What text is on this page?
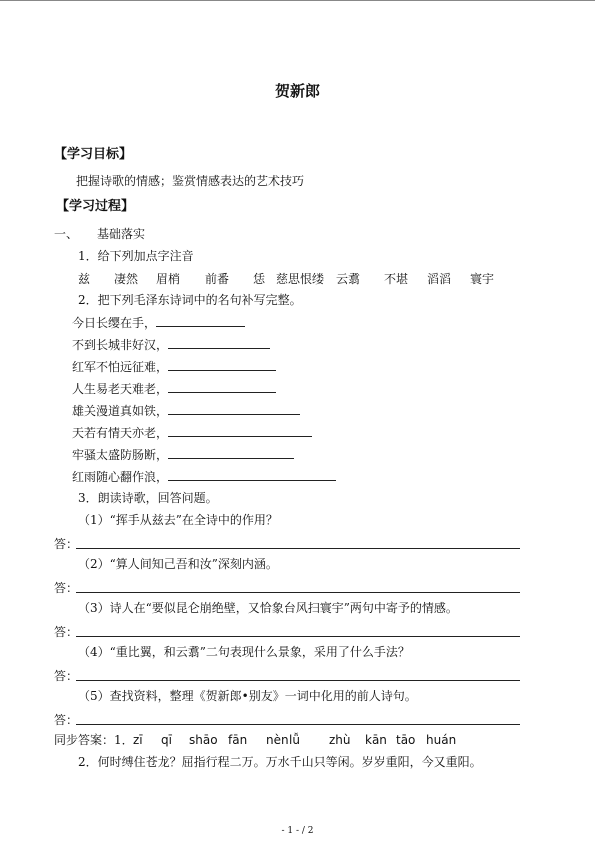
贺新郎
【学习目标】
把握诗歌的情感；鉴赏情感表达的艺术技巧
【学习过程】
一、 基础落实
1．给下列加点字注音
兹 凄然 眉梢 前番 恁 慈思恨缕 云翥 不堪 滔滔 寰宇
2．把下列毛泽东诗词中的名句补写完整。
今日长缨在手，
不到长城非好汉，
红军不怕远征难，
人生易老天难老，
雄关漫道真如铁，
天若有情天亦老，
牢骚太盛防肠断，
红雨随心翻作浪，
3．朗读诗歌，回答问题。
（1）“挥手从兹去”在全诗中的作用？
答：
（2）“算人间知己吾和汝”深刻内涵。
答：
（3）诗人在“要似昆仑崩绝壁，又恰象台风扫寰宇”两句中寄予的情感。
答：
（4）“重比翼，和云翥”二句表现什么景象，采用了什么手法？
答：
（5）查找资料，整理《贺新郎•别友》一词中化用的前人诗句。
答：
同步答案：1． zī qī shāo fān nèn lǚ zhù kān tāo huán
2．何时缚住苍龙？屈指行程二万。万水千山只等闲。岁岁重阳，今又重阳。
- 1 - / 2
